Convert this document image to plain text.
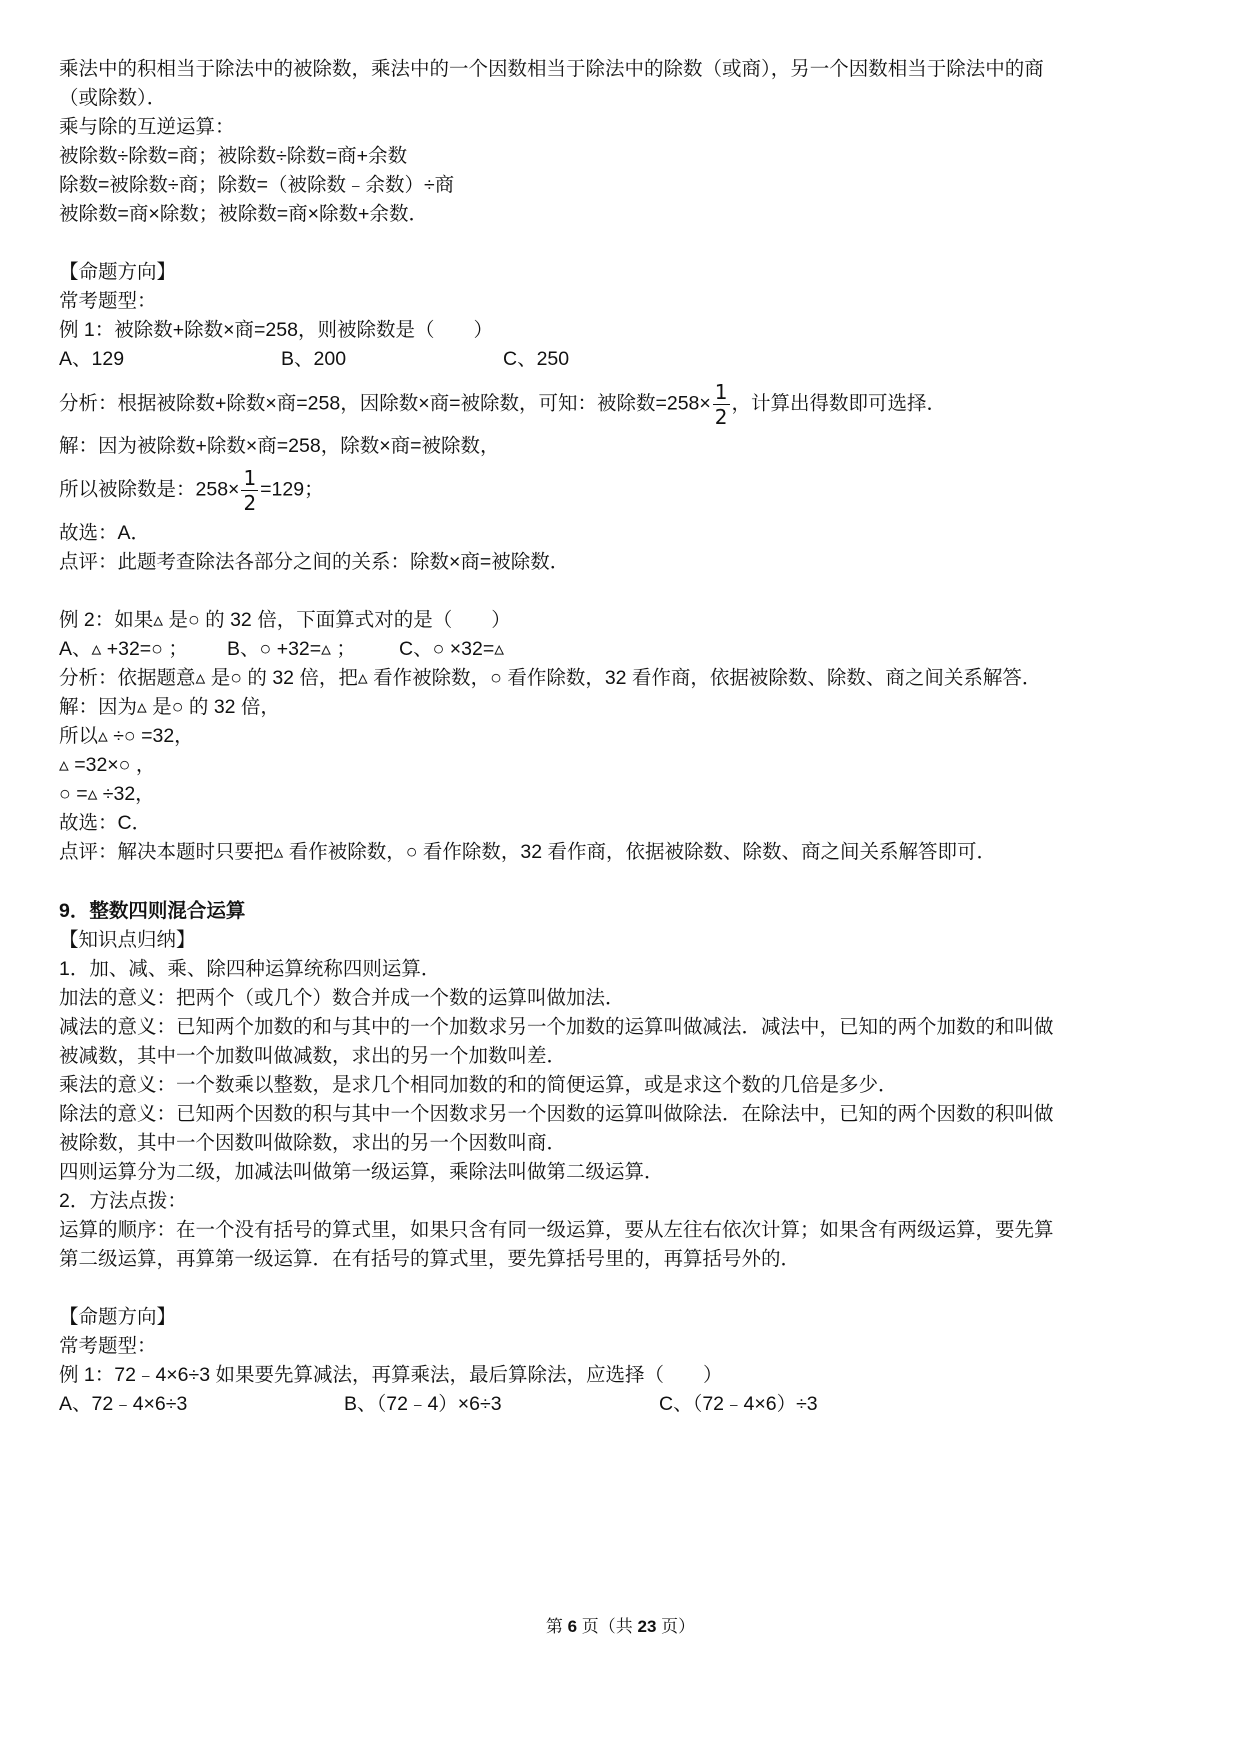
乘法中的积相当于除法中的被除数，乘法中的一个因数相当于除法中的除数（或商），另一个因数相当于除法中的商
（或除数）．
乘与除的互逆运算：
被除数÷除数=商；被除数÷除数=商+余数
除数=被除数÷商；除数=（被除数﹣余数）÷商
被除数=商×除数；被除数=商×除数+余数．
【命题方向】
常考题型：
例 1：被除数+除数×商=258，则被除数是（　　）
A、129	B、200	C、250
分析：根据被除数+除数×商=258，因除数×商=被除数，可知：被除数$=258\times \frac{1}{2}$ ，计算出得数即可选择．
解：因为被除数+除数×商=258，除数×商=被除数，
所以被除数是：$258\times \frac{1}{2} =129$；
故选：A．
点评：此题考查除法各部分之间的关系：除数×商=被除数．
例 2：如果▵ 是○ 的 32 倍，下面算式对的是（　　）
A、▵ +32=○ ； B、○ +32=▵ ； C、○ ×32=▵
分析：依据题意▵ 是○ 的 32 倍，把▵ 看作被除数，○ 看作除数，32 看作商，依据被除数、除数、商之间关系解答．
解：因为▵ 是○ 的 32 倍，
所以▵ ÷○ =32，
▵ =32×○ ，
○ =▵ ÷32，
故选：C．
点评：解决本题时只要把▵ 看作被除数，○ 看作除数，32 看作商，依据被除数、除数、商之间关系解答即可．
9．整数四则混合运算
【知识点归纳】
1．加、减、乘、除四种运算统称四则运算．
加法的意义：把两个（或几个）数合并成一个数的运算叫做加法．
减法的意义：已知两个加数的和与其中的一个加数求另一个加数的运算叫做减法．减法中，已知的两个加数的和叫做
被减数，其中一个加数叫做减数，求出的另一个加数叫差．
乘法的意义：一个数乘以整数，是求几个相同加数的和的简便运算，或是求这个数的几倍是多少．
除法的意义：已知两个因数的积与其中一个因数求另一个因数的运算叫做除法．在除法中，已知的两个因数的积叫做
被除数，其中一个因数叫做除数，求出的另一个因数叫商．
四则运算分为二级，加减法叫做第一级运算，乘除法叫做第二级运算．
2．方法点拨：
运算的顺序：在一个没有括号的算式里，如果只含有同一级运算，要从左往右依次计算；如果含有两级运算，要先算
第二级运算，再算第一级运算．在有括号的算式里，要先算括号里的，再算括号外的．
【命题方向】
常考题型：
例 1：72﹣4×6÷3 如果要先算减法，再算乘法，最后算除法，应选择（　　）
A、72﹣4×6÷3	B、（72﹣4）×6÷3	C、（72﹣4×6）÷3
第 6 页（共 23 页）
